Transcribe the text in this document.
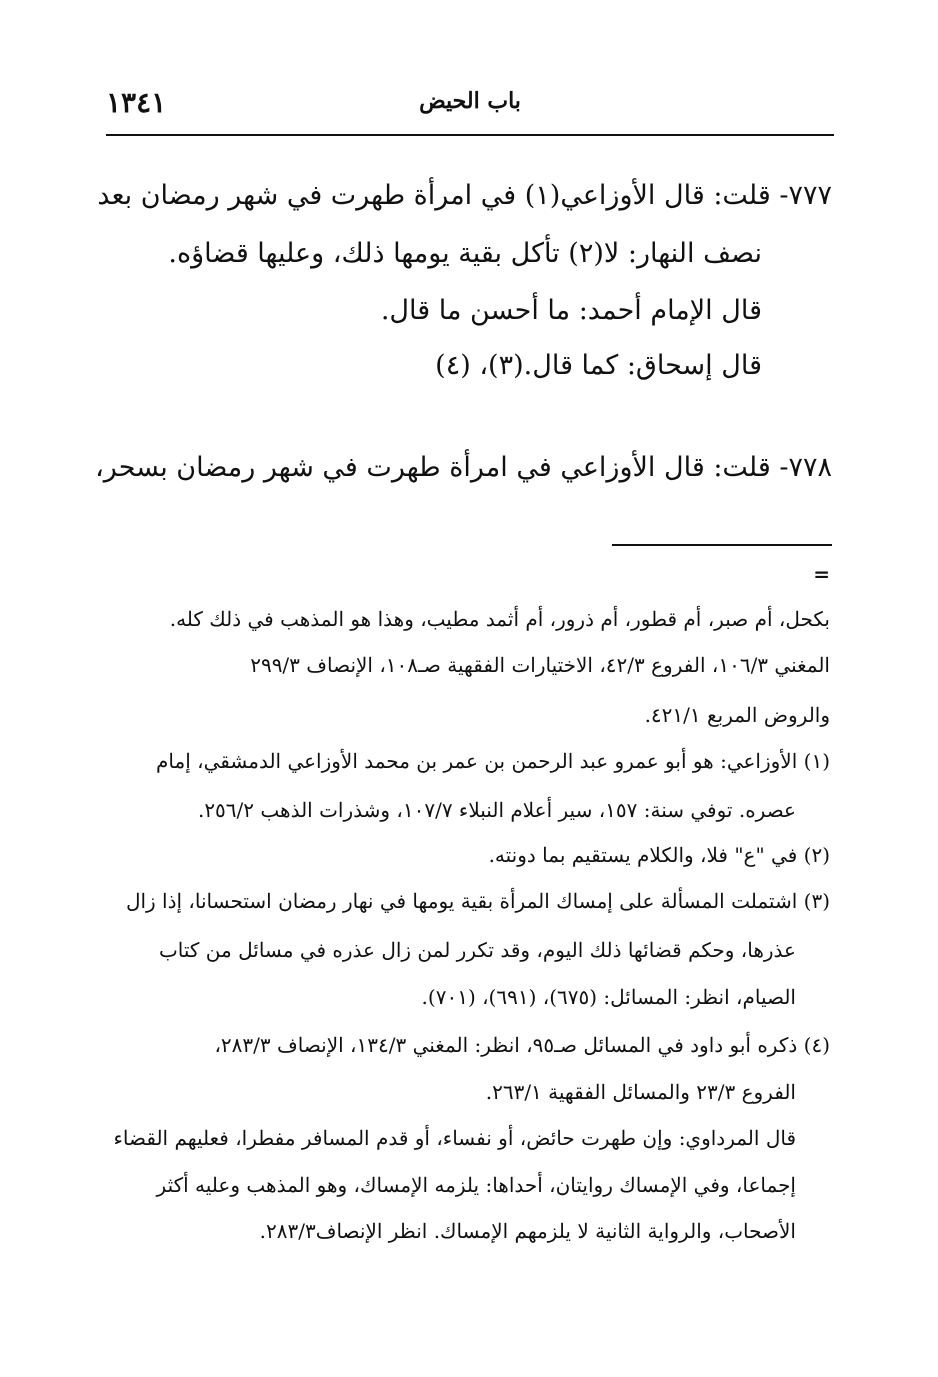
١٣٤١	باب الحيض
٧٧٧- قلت: قال الأوزاعي(١) في امرأة طهرت في شهر رمضان بعد
نصف النهار: لا(٢) تأكل بقية يومها ذلك، وعليها قضاؤه.
قال الإمام أحمد: ما أحسن ما قال.
قال إسحاق: كما قال.(٣)، (٤)
٧٧٨- قلت: قال الأوزاعي في امرأة طهرت في شهر رمضان بسحر،
=
بكحل، أم صبر، أم قطور، أم ذرور، أم أثمد مطيب، وهذا هو المذهب في ذلك كله.
المغني ١٠٦/٣، الفروع ٤٢/٣، الاختيارات الفقهية صـ١٠٨، الإنصاف ٢٩٩/٣
والروض المربع ٤٢١/١.
(١) الأوزاعي: هو أبو عمرو عبد الرحمن بن عمر بن محمد الأوزاعي الدمشقي، إمام
عصره. توفي سنة: ١٥٧، سير أعلام النبلاء ١٠٧/٧، وشذرات الذهب ٢٥٦/٢.
(٢) في "ع" فلا، والكلام يستقيم بما دونته.
(٣) اشتملت المسألة على إمساك المرأة بقية يومها في نهار رمضان استحسانا، إذا زال
عذرها، وحكم قضائها ذلك اليوم، وقد تكرر لمن زال عذره في مسائل من كتاب
الصيام، انظر: المسائل: (٦٧٥)، (٦٩١)، (٧٠١).
(٤) ذكره أبو داود في المسائل صـ٩٥، انظر: المغني ١٣٤/٣، الإنصاف ٢٨٣/٣،
الفروع ٢٣/٣ والمسائل الفقهية ٢٦٣/١.
قال المرداوي: وإن طهرت حائض، أو نفساء، أو قدم المسافر مفطرا، فعليهم القضاء
إجماعا، وفي الإمساك روايتان، أحداها: يلزمه الإمساك، وهو المذهب وعليه أكثر
الأصحاب، والرواية الثانية لا يلزمهم الإمساك. انظر الإنصاف٢٨٣/٣.
